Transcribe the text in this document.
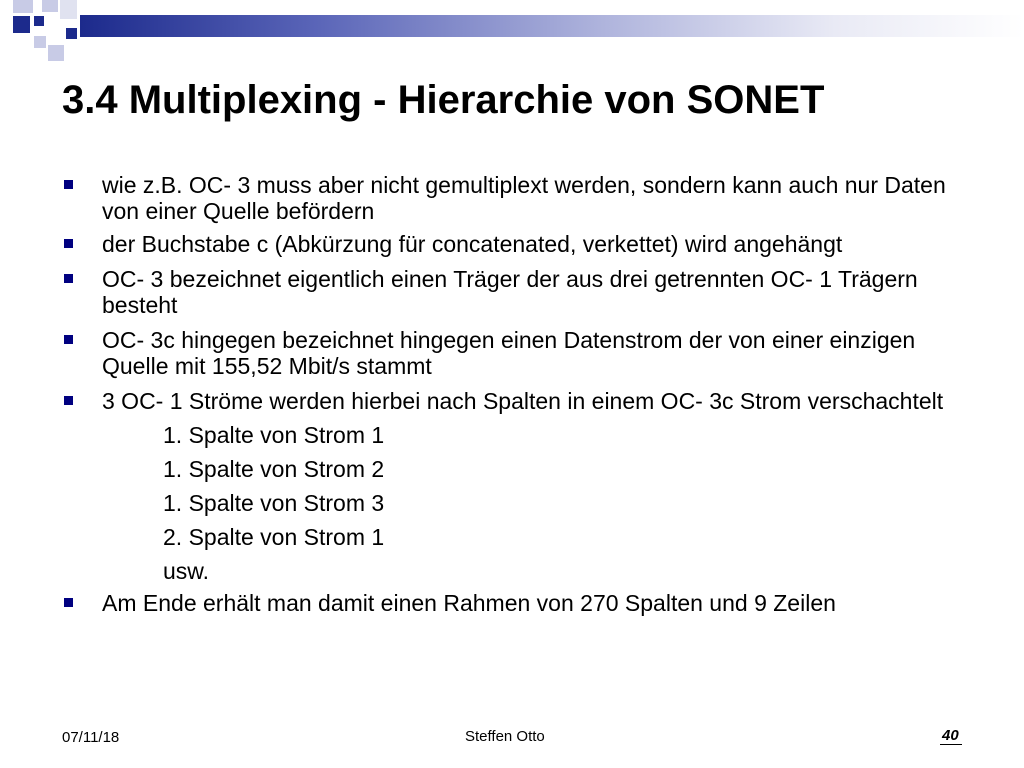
3.4 Multiplexing - Hierarchie von SONET
wie z.B. OC- 3 muss aber nicht gemultiplext werden, sondern kann auch nur Daten von einer Quelle befördern
der Buchstabe c (Abkürzung für concatenated, verkettet) wird angehängt
OC- 3 bezeichnet eigentlich einen Träger der aus drei getrennten OC- 1 Trägern besteht
OC- 3c hingegen bezeichnet hingegen einen Datenstrom der von einer einzigen Quelle mit 155,52 Mbit/s stammt
3 OC- 1 Ströme werden hierbei nach Spalten in einem OC- 3c Strom verschachtelt
1. Spalte von Strom 1
1. Spalte von Strom 2
1. Spalte von Strom 3
2. Spalte von Strom 1
usw.
Am Ende erhält man damit einen Rahmen von 270 Spalten und 9 Zeilen
07/11/18	Steffen Otto	40
